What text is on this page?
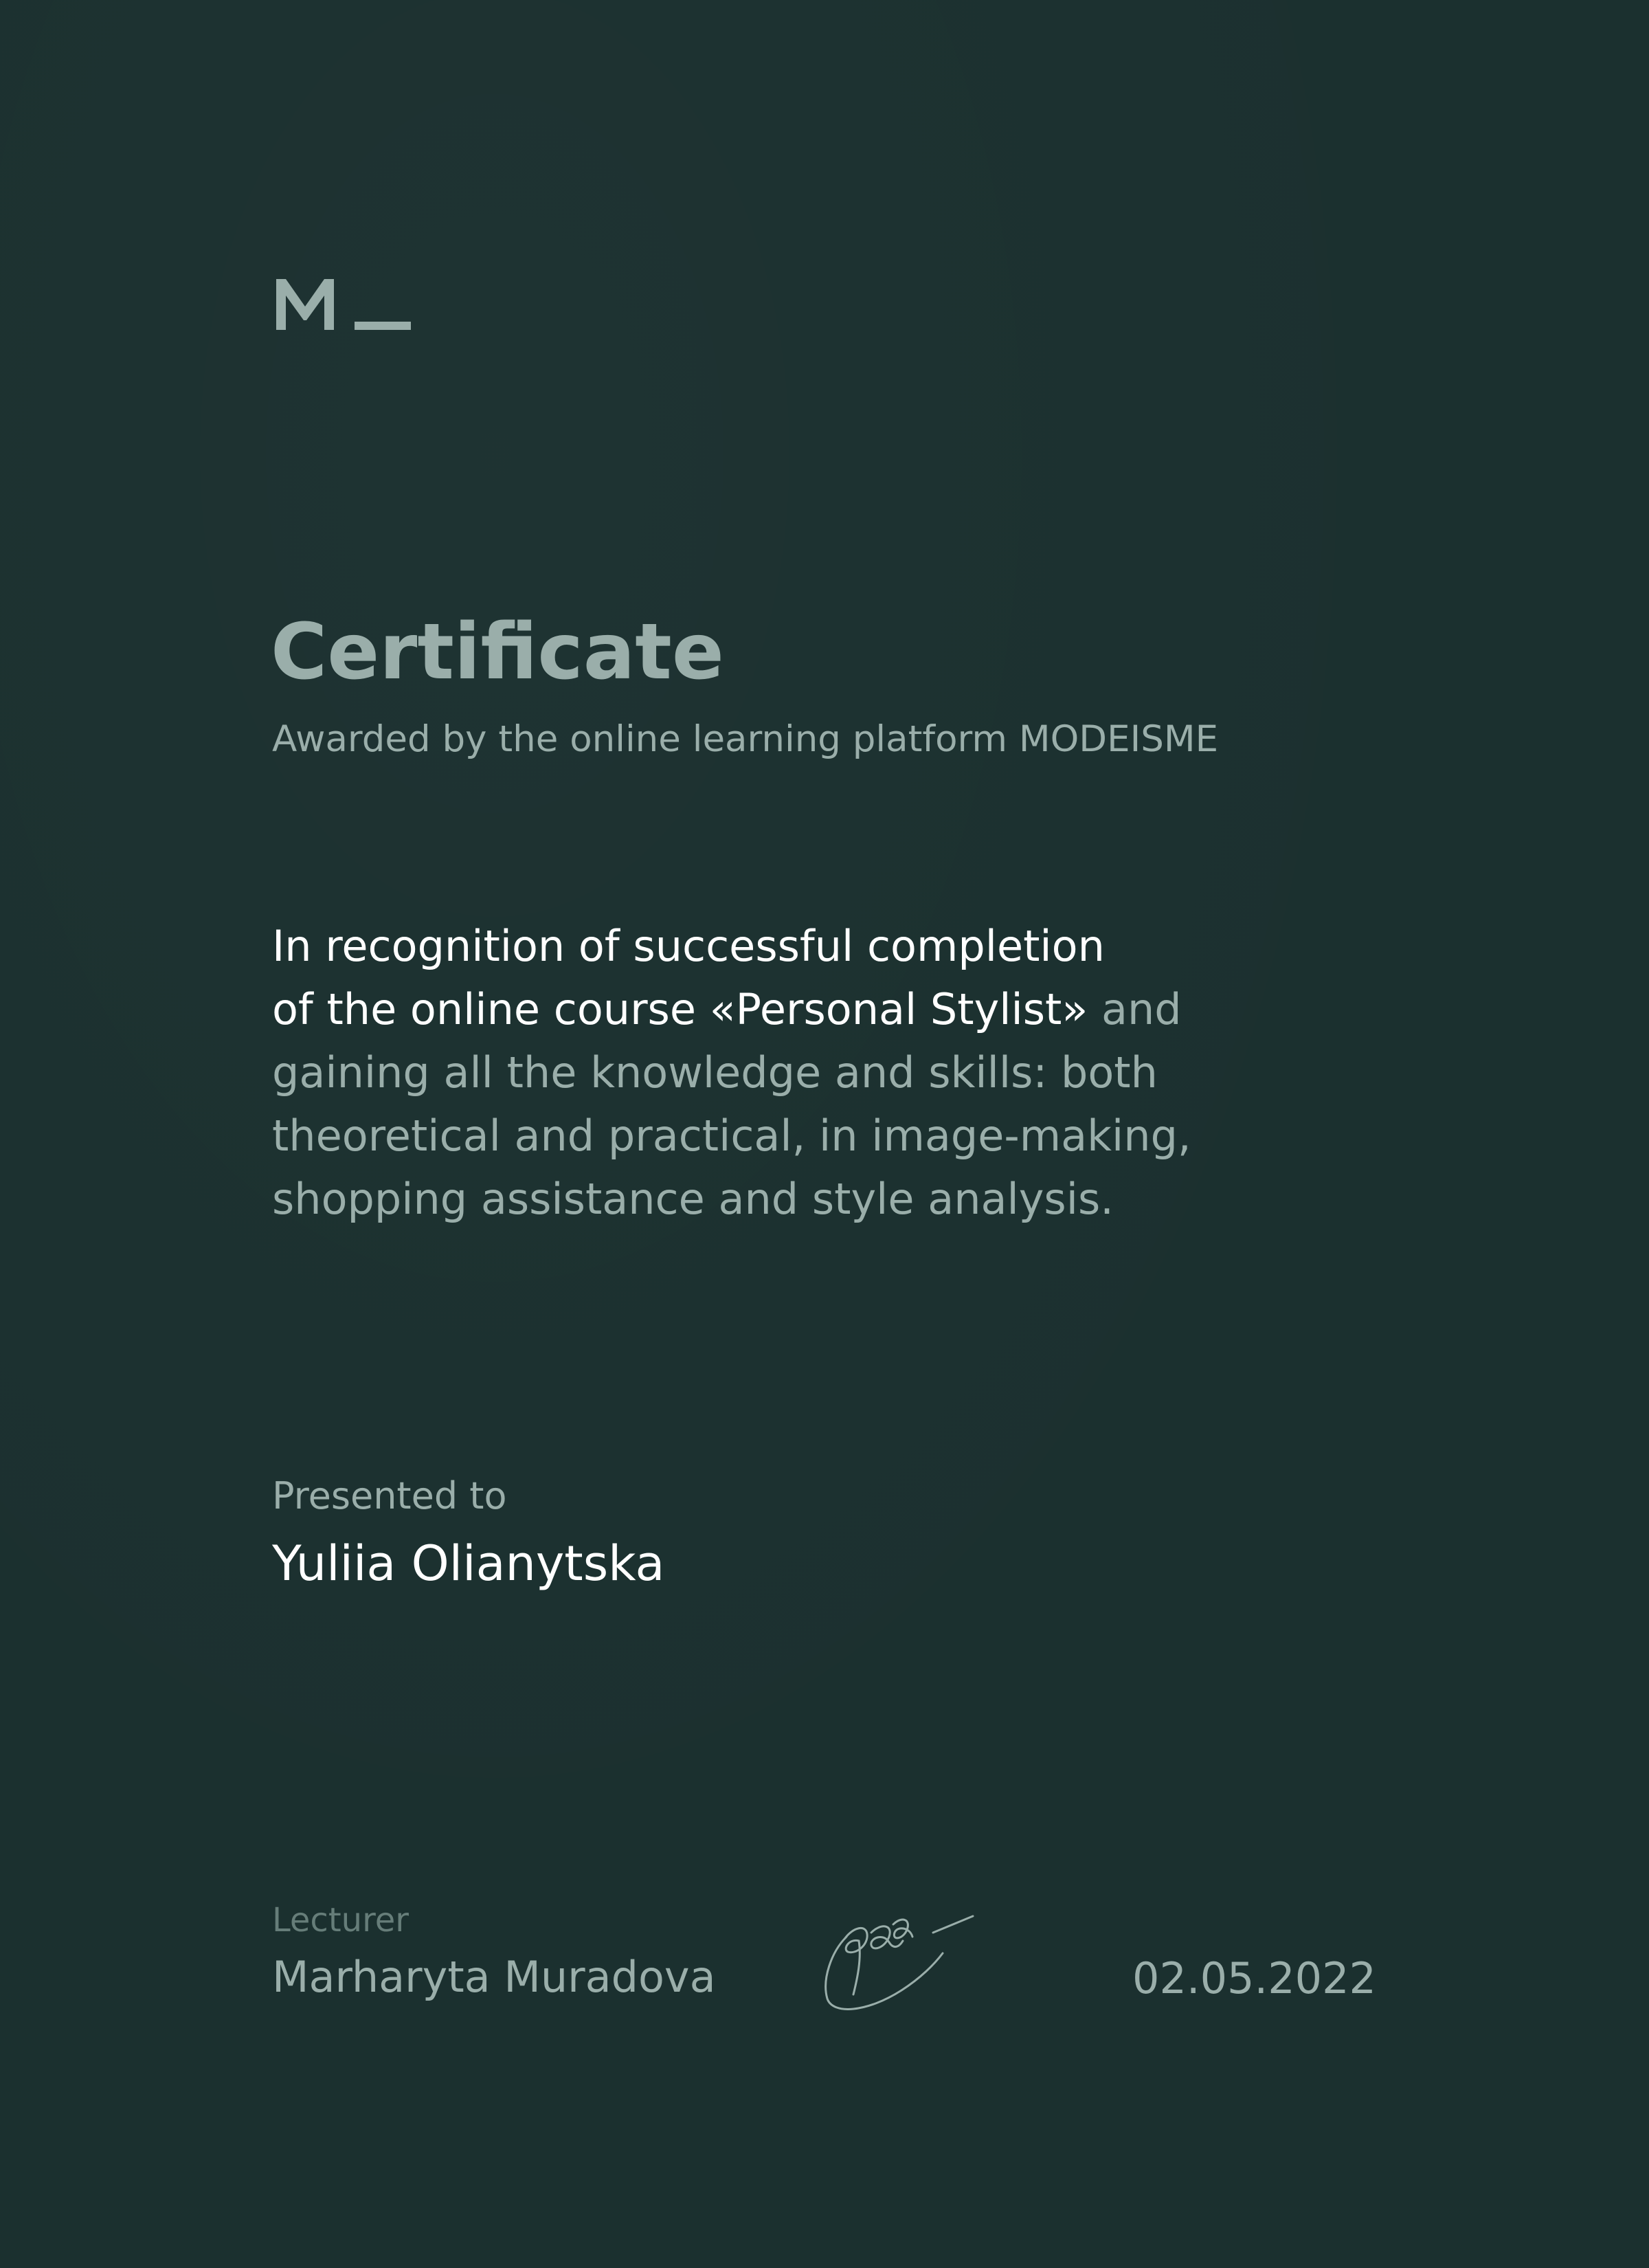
Certificate
Awarded by the online learning platform MODEISME
In recognition of successful completion
of the online course «Personal Stylist» and
gaining all the knowledge and skills: both
theoretical and practical, in image-making,
shopping assistance and style analysis.
Presented to
Yuliia Olianytska
Lecturer
Marharyta Muradova	02.05.2022
